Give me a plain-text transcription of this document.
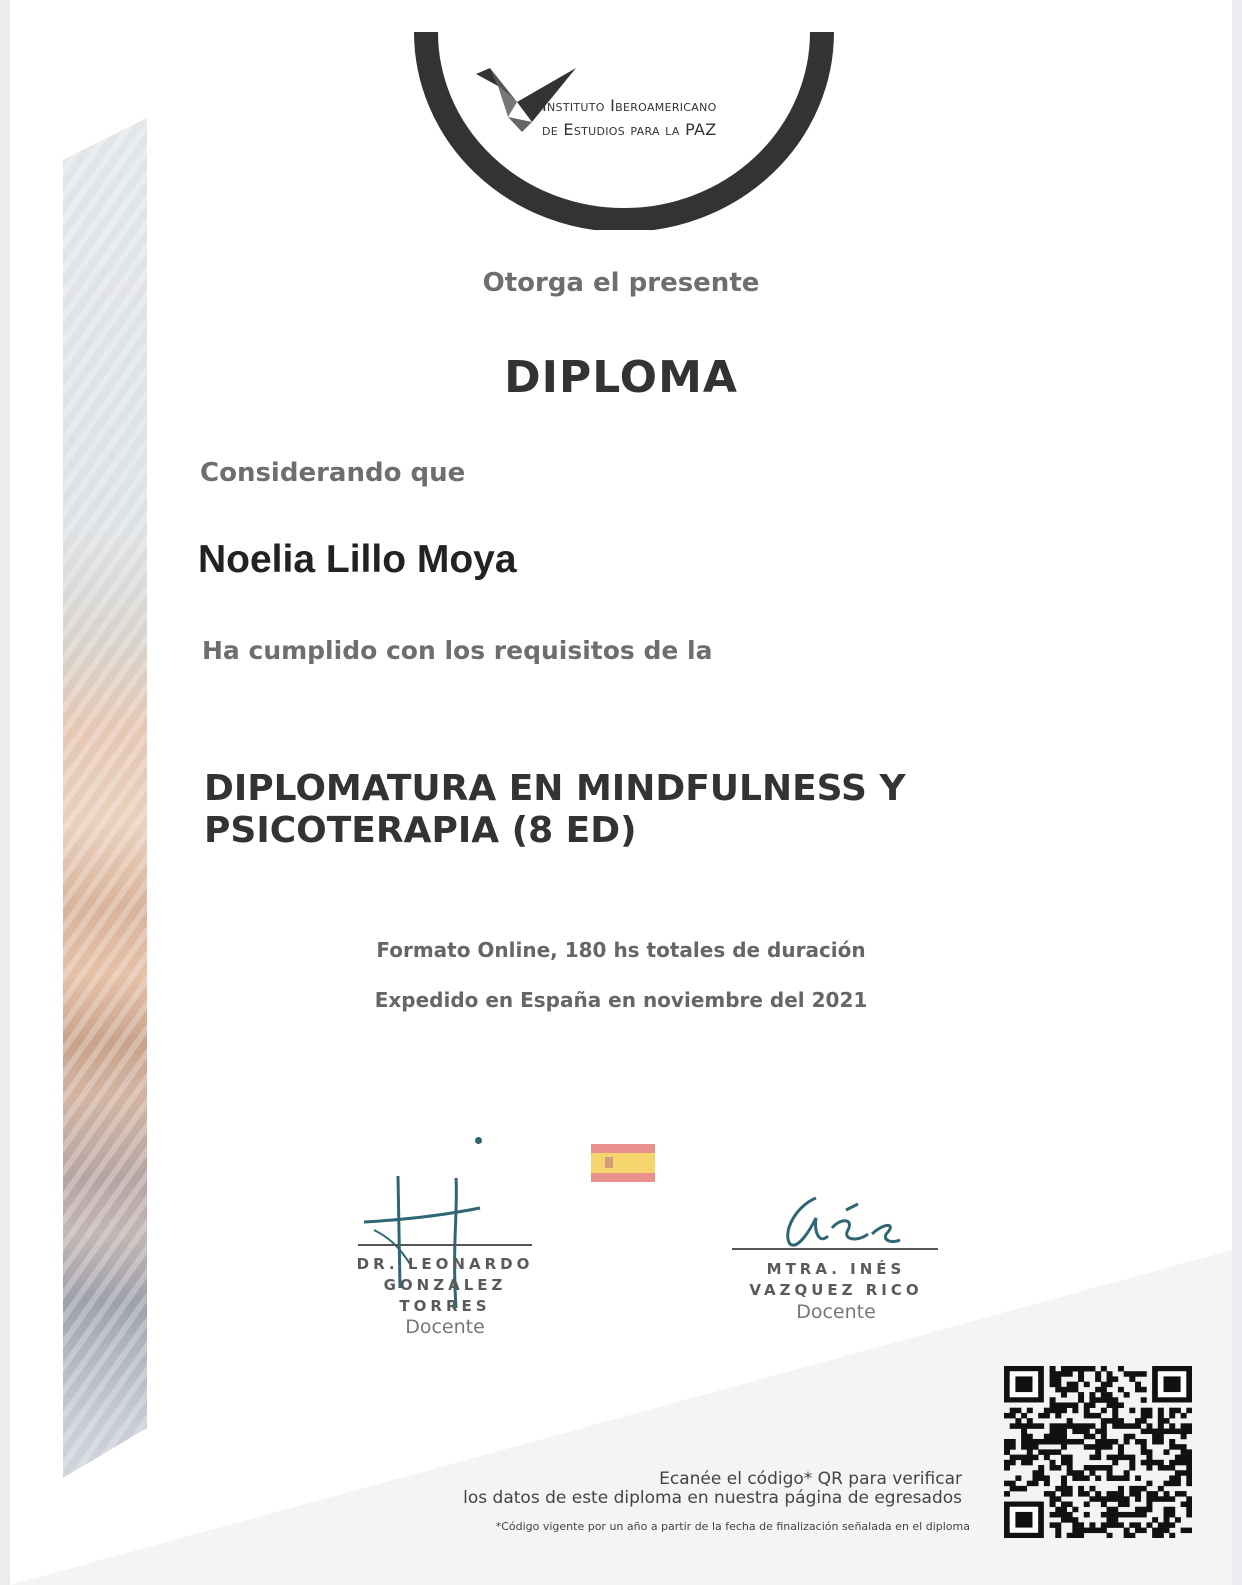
Instituto Iberoamericano
de Estudios para la PAZ

Otorga el presente

DIPLOMA

Considerando que

Noelia Lillo Moya

Ha cumplido con los requisitos de la

DIPLOMATURA EN MINDFULNESS Y
PSICOTERAPIA (8 ED)

Formato Online, 180 hs totales de duración

Expedido en España en noviembre del 2021

DR. LEONARDO
GONZÁLEZ
TORRES
Docente
MTRA. INÉS
VAZQUEZ RICO
Docente
Ecanée el código* QR para verificar
los datos de este diploma en nuestra página de egresados
*Código vigente por un año a partir de la fecha de finalización señalada en el diploma
